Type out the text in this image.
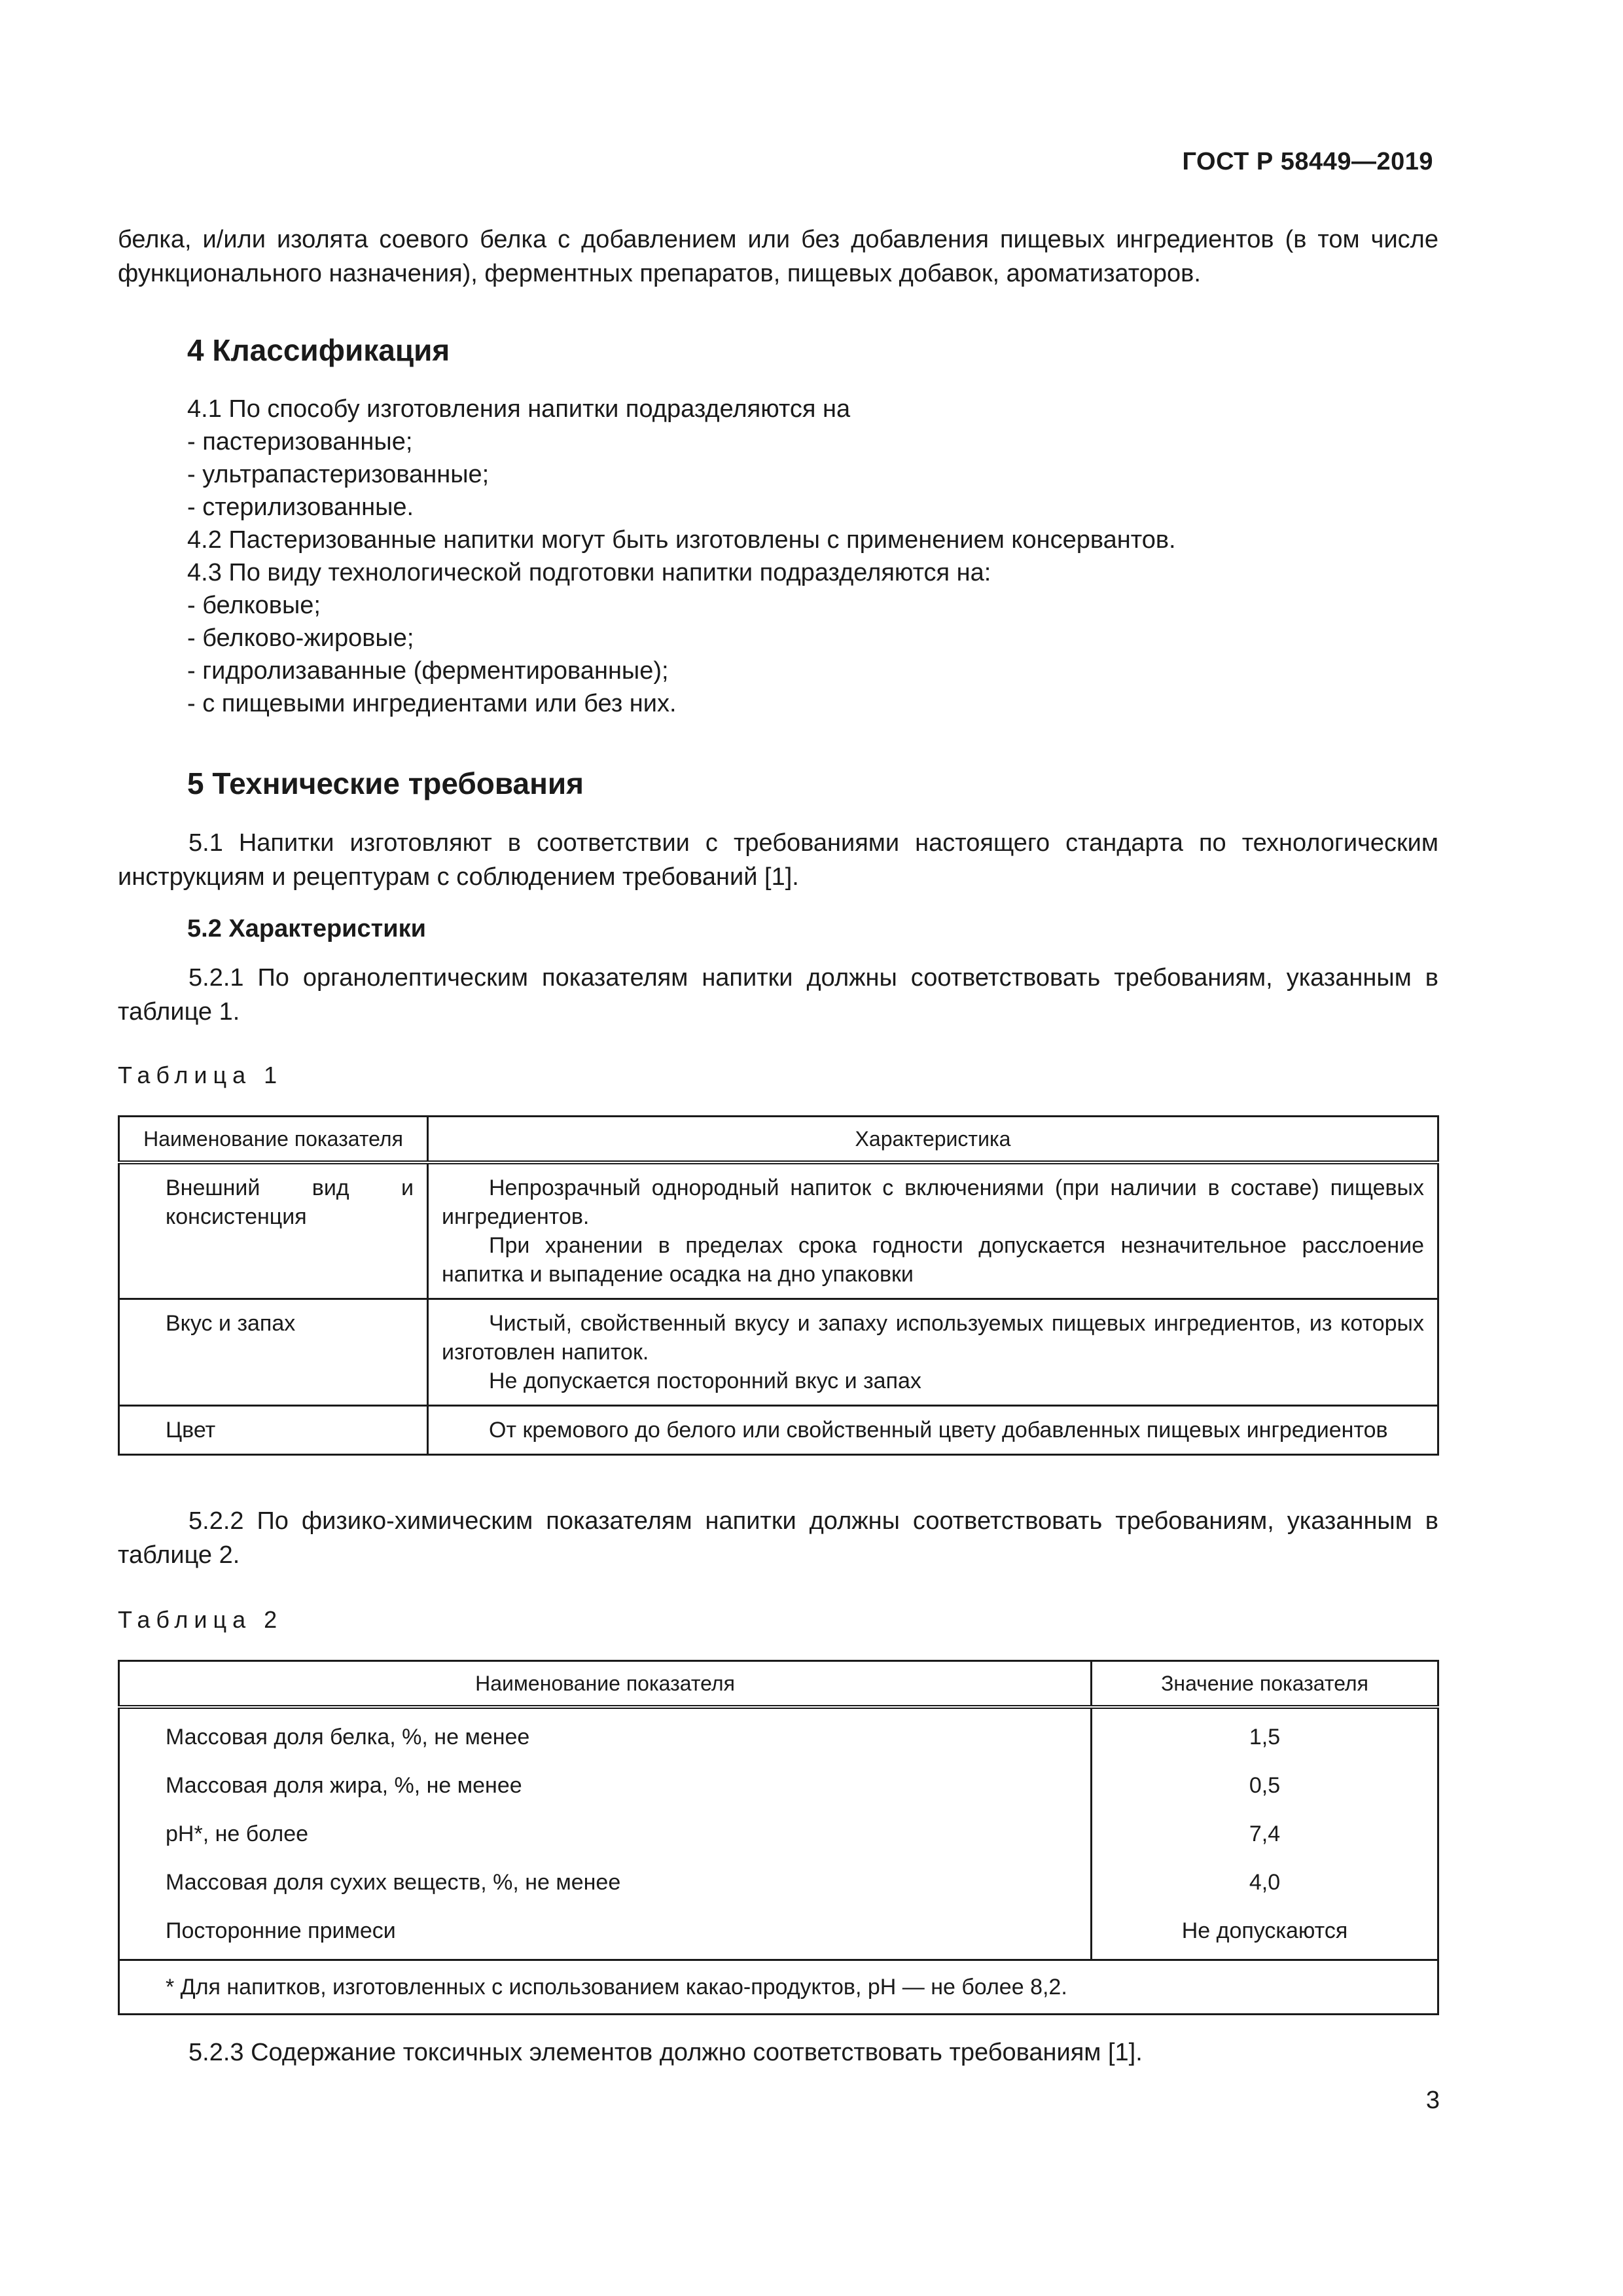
ГОСТ Р 58449—2019
белка, и/или изолята соевого белка с добавлением или без добавления пищевых ингредиентов (в том числе функционального назначения), ферментных препаратов, пищевых добавок, ароматизаторов.
4 Классификация
4.1 По способу изготовления напитки подразделяются на
- пастеризованные;
- ультрапастеризованные;
- стерилизованные.
4.2 Пастеризованные напитки могут быть изготовлены с применением консервантов.
4.3 По виду технологической подготовки напитки подразделяются на:
- белковые;
- белково-жировые;
- гидролизаванные (ферментированные);
- с пищевыми ингредиентами или без них.
5 Технические требования
5.1 Напитки изготовляют в соответствии с требованиями настоящего стандарта по технологическим инструкциям и рецептурам с соблюдением требований [1].
5.2 Характеристики
5.2.1 По органолептическим показателям напитки должны соответствовать требованиям, указанным в таблице 1.
Таблица 1
Наименование показателя	Характеристика
Внешний вид и консистенция	Непрозрачный однородный напиток с включениями (при наличии в составе) пищевых ингредиентов.

При хранении в пределах срока годности допускается незначительное расслоение напитка и выпадение осадка на дно упаковки

Вкус и запах	Чистый, свойственный вкусу и запаху используемых пищевых ингредиентов, из которых изготовлен напиток.

Не допускается посторонний вкус и запах

Цвет	От кремового до белого или свойственный цвету добавленных пищевых ингредиентов

5.2.2 По физико-химическим показателям напитки должны соответствовать требованиям, указанным в таблице 2.
Таблица 2
Наименование показателя	Значение показателя
Массовая доля белка, %, не менее	1,5
Массовая доля жира, %, не менее	0,5
pH*, не более	7,4
Массовая доля сухих веществ, %, не менее	4,0
Посторонние примеси	Не допускаются
* Для напитков, изготовленных с использованием какао-продуктов, pH — не более 8,2.	
5.2.3 Содержание токсичных элементов должно соответствовать требованиям [1].
3
